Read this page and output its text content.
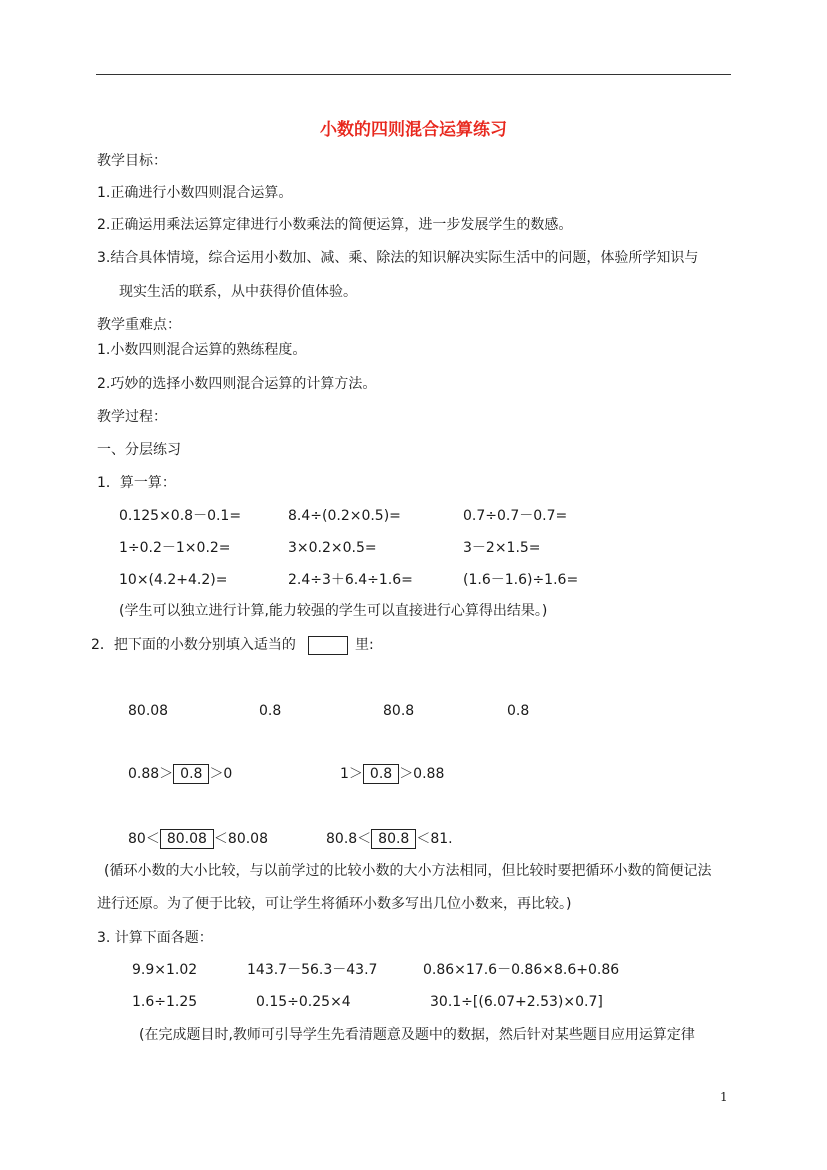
小数的四则混合运算练习
教学目标：
1.正确进行小数四则混合运算。
2.正确运用乘法运算定律进行小数乘法的简便运算，进一步发展学生的数感。
3.结合具体情境，综合运用小数加、减、乘、除法的知识解决实际生活中的问题，体验所学知识与
现实生活的联系，从中获得价值体验。
教学重难点：
1.小数四则混合运算的熟练程度。
2.巧妙的选择小数四则混合运算的计算方法。
教学过程：
一、分层练习
1．算一算：
0.125×0.8－0.1=	8.4÷(0.2×0.5)=	0.7÷0.7－0.7=
1÷0.2－1×0.2=	3×0.2×0.5=	3－2×1.5=
10×(4.2+4.2)=	2.4÷3＋6.4÷1.6=	(1.6－1.6)÷1.6=
(学生可以独立进行计算,能力较强的学生可以直接进行心算得出结果。)
2．把下面的小数分别填入适当的	里:
80.08	0.8	80.8	0.8
0.88＞ 0.8 ＞0	1＞ 0.8 ＞0.88
80＜ 80.08 ＜80.08	80.8＜ 80.8 ＜81.
(循环小数的大小比较，与以前学过的比较小数的大小方法相同，但比较时要把循环小数的简便记法
进行还原。为了便于比较，可让学生将循环小数多写出几位小数来，再比较。)
3. 计算下面各题：
9.9×1.02	143.7－56.3－43.7	0.86×17.6－0.86×8.6+0.86
1.6÷1.25	0.15÷0.25×4	30.1÷[(6.07+2.53)×0.7]
(在完成题目时,教师可引导学生先看清题意及题中的数据，然后针对某些题目应用运算定律
1
